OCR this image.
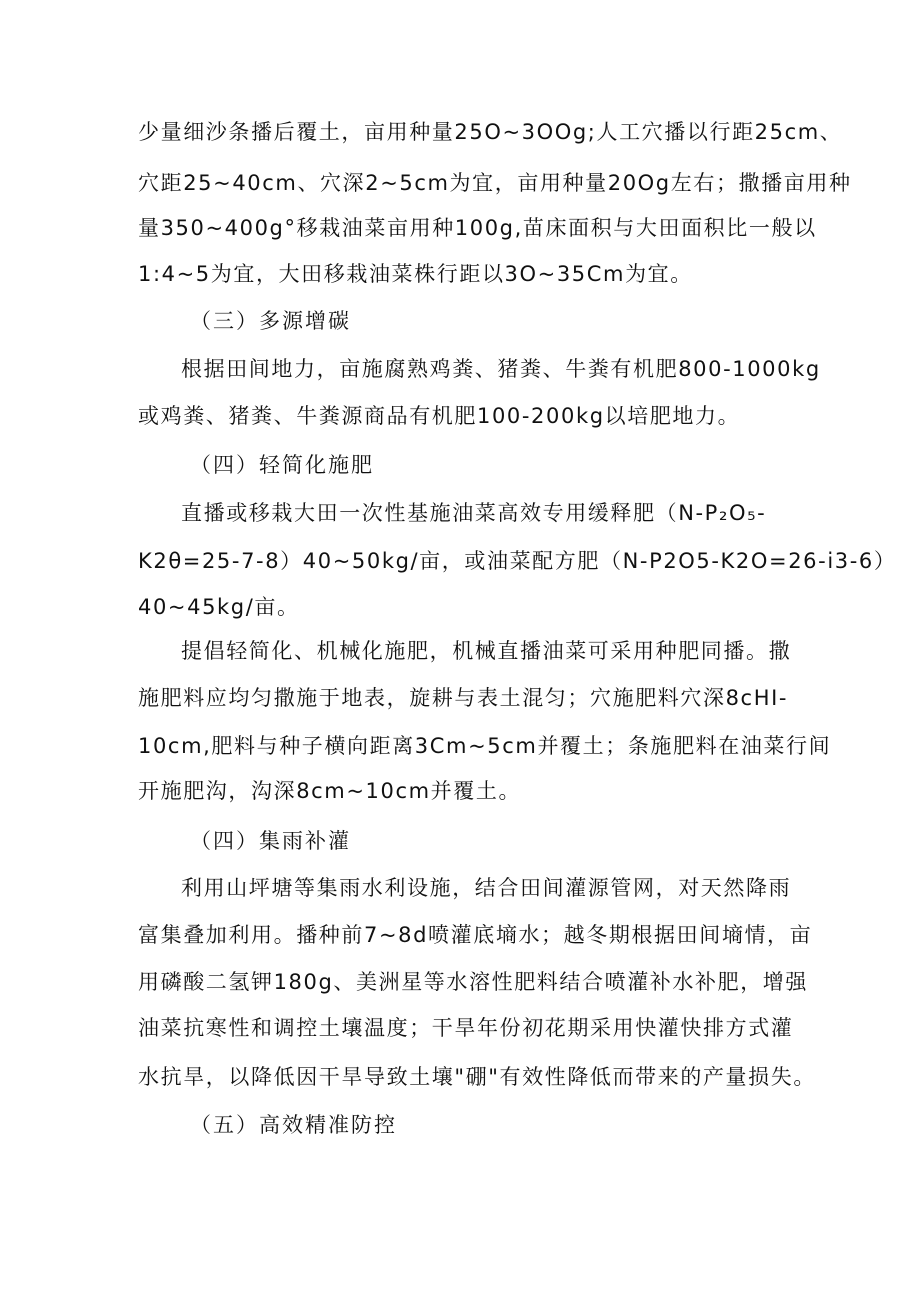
少量细沙条播后覆土，亩用种量25O~3OOg;人工穴播以行距25cm、
穴距25~40cm、穴深2~5cm为宜，亩用种量20Og左右；撒播亩用种
量350~400g°移栽油菜亩用种100g,苗床面积与大田面积比一般以
1:4~5为宜，大田移栽油菜株行距以3O~35Cm为宜。
（三）多源增碳
根据田间地力，亩施腐熟鸡粪、猪粪、牛粪有机肥800-1000kg
或鸡粪、猪粪、牛粪源商品有机肥100-200kg以培肥地力。
（四）轻简化施肥
直播或移栽大田一次性基施油菜高效专用缓释肥（N-P₂O₅-
K2θ=25-7-8）40~50kg/亩，或油菜配方肥（N-P2O5-K2O=26-i3-6）
40~45kg/亩。
提倡轻简化、机械化施肥，机械直播油菜可采用种肥同播。撒
施肥料应均匀撒施于地表，旋耕与表土混匀；穴施肥料穴深8cHI-
10cm,肥料与种子横向距离3Cm~5cm并覆土；条施肥料在油菜行间
开施肥沟，沟深8cm~10cm并覆土。
（四）集雨补灌
利用山坪塘等集雨水利设施，结合田间灌源管网，对天然降雨
富集叠加利用。播种前7~8d喷灌底墒水；越冬期根据田间墒情，亩
用磷酸二氢钾180g、美洲星等水溶性肥料结合喷灌补水补肥，增强
油菜抗寒性和调控土壤温度；干旱年份初花期采用快灌快排方式灌
水抗旱，以降低因干旱导致土壤"硼"有效性降低而带来的产量损失。
（五）高效精准防控
